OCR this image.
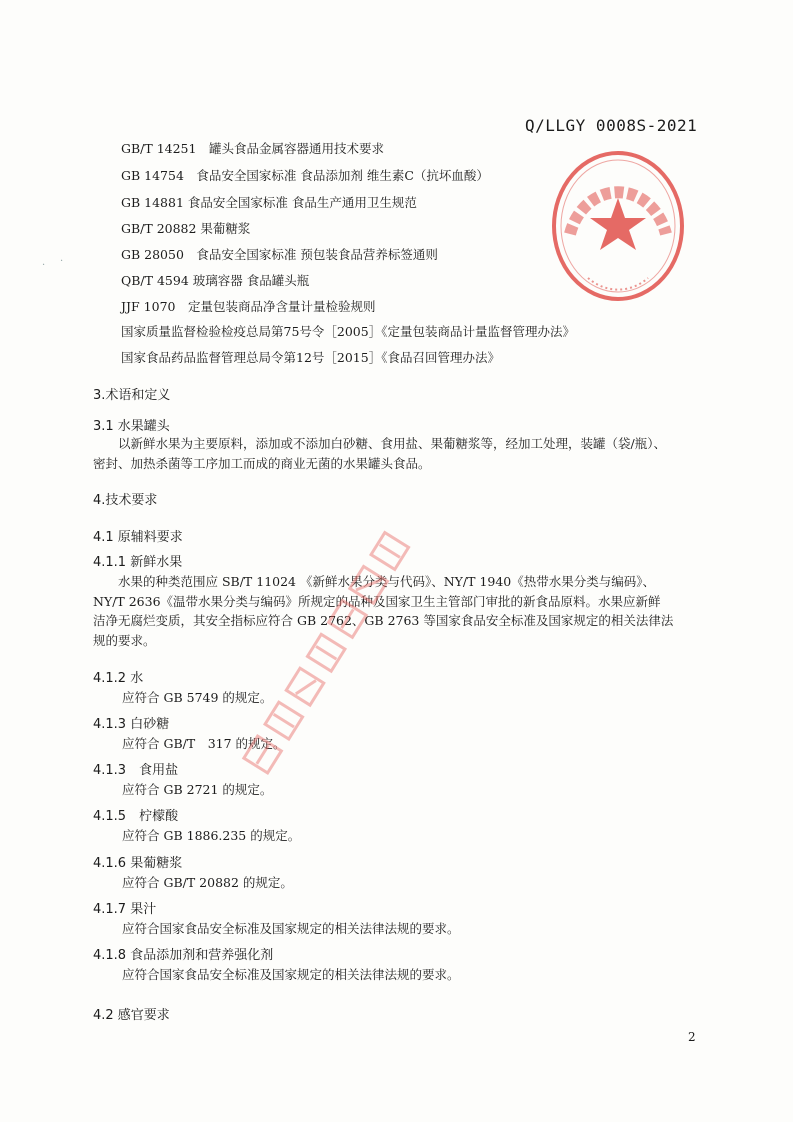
Q/LLGY 0008S-2021
GB/T 14251　罐头食品金属容器通用技术要求
GB 14754　食品安全国家标准 食品添加剂 维生素C（抗坏血酸）
GB 14881 食品安全国家标准 食品生产通用卫生规范
GB/T 20882 果葡糖浆
GB 28050　食品安全国家标准 预包装食品营养标签通则
QB/T 4594 玻璃容器 食品罐头瓶
JJF 1070　定量包装商品净含量计量检验规则
国家质量监督检验检疫总局第75号令［2005］《定量包装商品计量监督管理办法》
国家食品药品监督管理总局令第12号［2015］《食品召回管理办法》
3.术语和定义
3.1 水果罐头
　　以新鲜水果为主要原料，添加或不添加白砂糖、食用盐、果葡糖浆等，经加工处理，装罐（袋/瓶）、
密封、加热杀菌等工序加工而成的商业无菌的水果罐头食品。
4.技术要求
4.1 原辅料要求
4.1.1 新鲜水果
　　水果的种类范围应 SB/T 11024 《新鲜水果分类与代码》、NY/T 1940《热带水果分类与编码》、
NY/T 2636《温带水果分类与编码》所规定的品种及国家卫生主管部门审批的新食品原料。水果应新鲜
洁净无腐烂变质，其安全指标应符合 GB 2762、GB 2763 等国家食品安全标准及国家规定的相关法律法
规的要求。
4.1.2 水
应符合 GB 5749 的规定。
4.1.3 白砂糖
应符合 GB/T　317 的规定。
4.1.3　食用盐
应符合 GB 2721 的规定。
4.1.5　柠檬酸
应符合 GB 1886.235 的规定。
4.1.6 果葡糖浆
应符合 GB/T 20882 的规定。
4.1.7 果汁
应符合国家食品安全标准及国家规定的相关法律法规的要求。
4.1.8 食品添加剂和营养强化剂
应符合国家食品安全标准及国家规定的相关法律法规的要求。
4.2 感官要求
2
· ·
